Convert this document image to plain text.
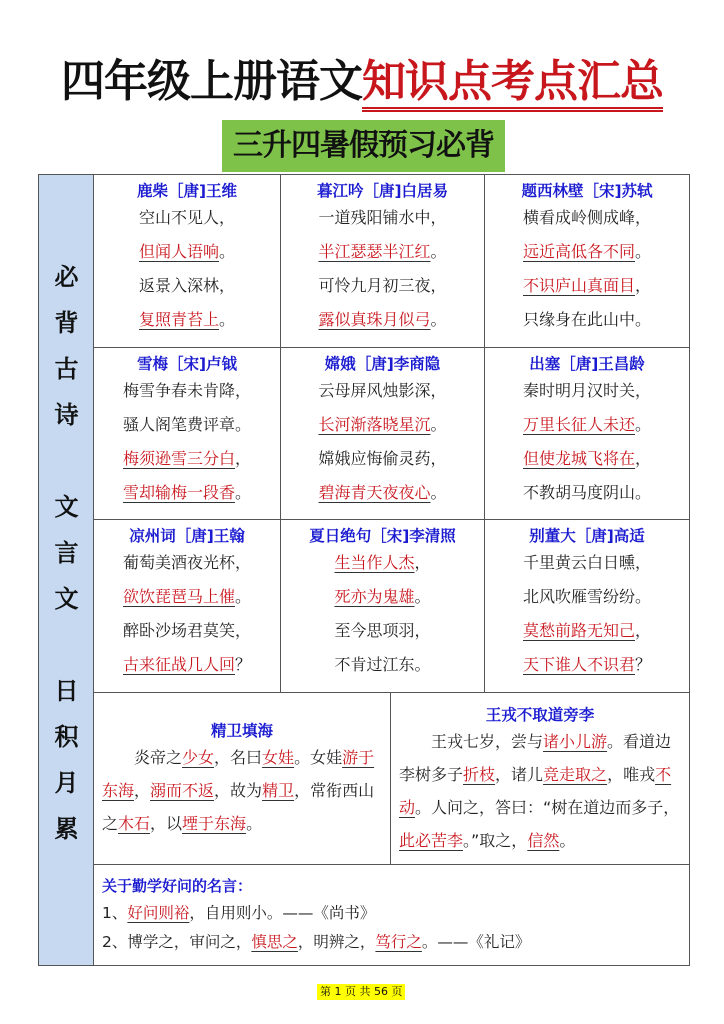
四年级上册语文知识点考点汇总
三升四暑假预习必背
必
背
古
诗
文
言
文
日
积
月
累
鹿柴［唐]王维
空山不见人，
但闻人语响。
返景入深林，
复照青苔上。
暮江吟［唐]白居易
一道残阳铺水中，
半江瑟瑟半江红。
可怜九月初三夜，
露似真珠月似弓。
题西林壁［宋]苏轼
横看成岭侧成峰，
远近高低各不同。
不识庐山真面目，
只缘身在此山中。
雪梅［宋]卢钺
梅雪争春未肯降，
骚人阁笔费评章。
梅须逊雪三分白，
雪却输梅一段香。
嫦娥［唐]李商隐
云母屏风烛影深，
长河渐落晓星沉。
嫦娥应悔偷灵药，
碧海青天夜夜心。
出塞［唐]王昌龄
秦时明月汉时关，
万里长征人未还。
但使龙城飞将在，
不教胡马度阴山。
凉州词［唐]王翰
葡萄美酒夜光杯，
欲饮琵琶马上催。
醉卧沙场君莫笑，
古来征战几人回？
夏日绝句［宋]李清照
生当作人杰，
死亦为鬼雄。
至今思项羽，
不肯过江东。
别董大［唐]高适
千里黄云白日曛，
北风吹雁雪纷纷。
莫愁前路无知己，
天下谁人不识君？
精卫填海
炎帝之少女，名曰女娃。女娃游于东海，溺而不返，故为精卫，常衔西山之木石，以堙于东海。
王戎不取道旁李
王戎七岁，尝与诸小儿游。看道边李树多子折枝，诸儿竞走取之，唯戎不动。人问之，答曰：“树在道边而多子，此必苦李。”取之，信然。
关于勤学好问的名言：
1、好问则裕，自用则小。——《尚书》
2、博学之，审问之，慎思之，明辨之，笃行之。——《礼记》
第 1 页 共 56 页
